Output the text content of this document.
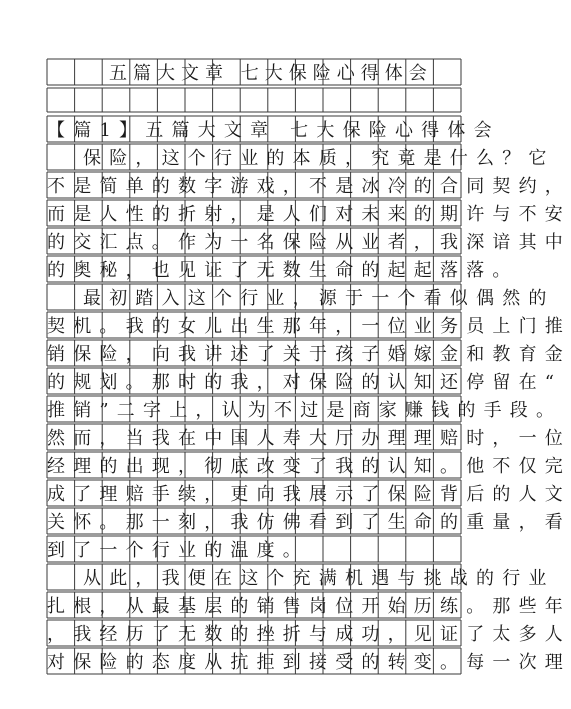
五篇大文章 七大保险心得体会
【篇1】五篇大文章 七大保险心得体会
保险，这个行业的本质，究竟是什么？它
不是简单的数字游戏，不是冰冷的合同契约，
而是人性的折射，是人们对未来的期许与不安
的交汇点。作为一名保险从业者，我深谙其中
的奥秘，也见证了无数生命的起起落落。
最初踏入这个行业，源于一个看似偶然的
契机。我的女儿出生那年，一位业务员上门推
销保险，向我讲述了关于孩子婚嫁金和教育金
的规划。那时的我，对保险的认知还停留在“
推销”二字上，认为不过是商家赚钱的手段。
然而，当我在中国人寿大厅办理理赔时，一位
经理的出现，彻底改变了我的认知。他不仅完
成了理赔手续，更向我展示了保险背后的人文
关怀。那一刻，我仿佛看到了生命的重量，看
到了一个行业的温度。
从此，我便在这个充满机遇与挑战的行业
扎根，从最基层的销售岗位开始历练。那些年
，我经历了无数的挫折与成功，见证了太多人
对保险的态度从抗拒到接受的转变。每一次理
